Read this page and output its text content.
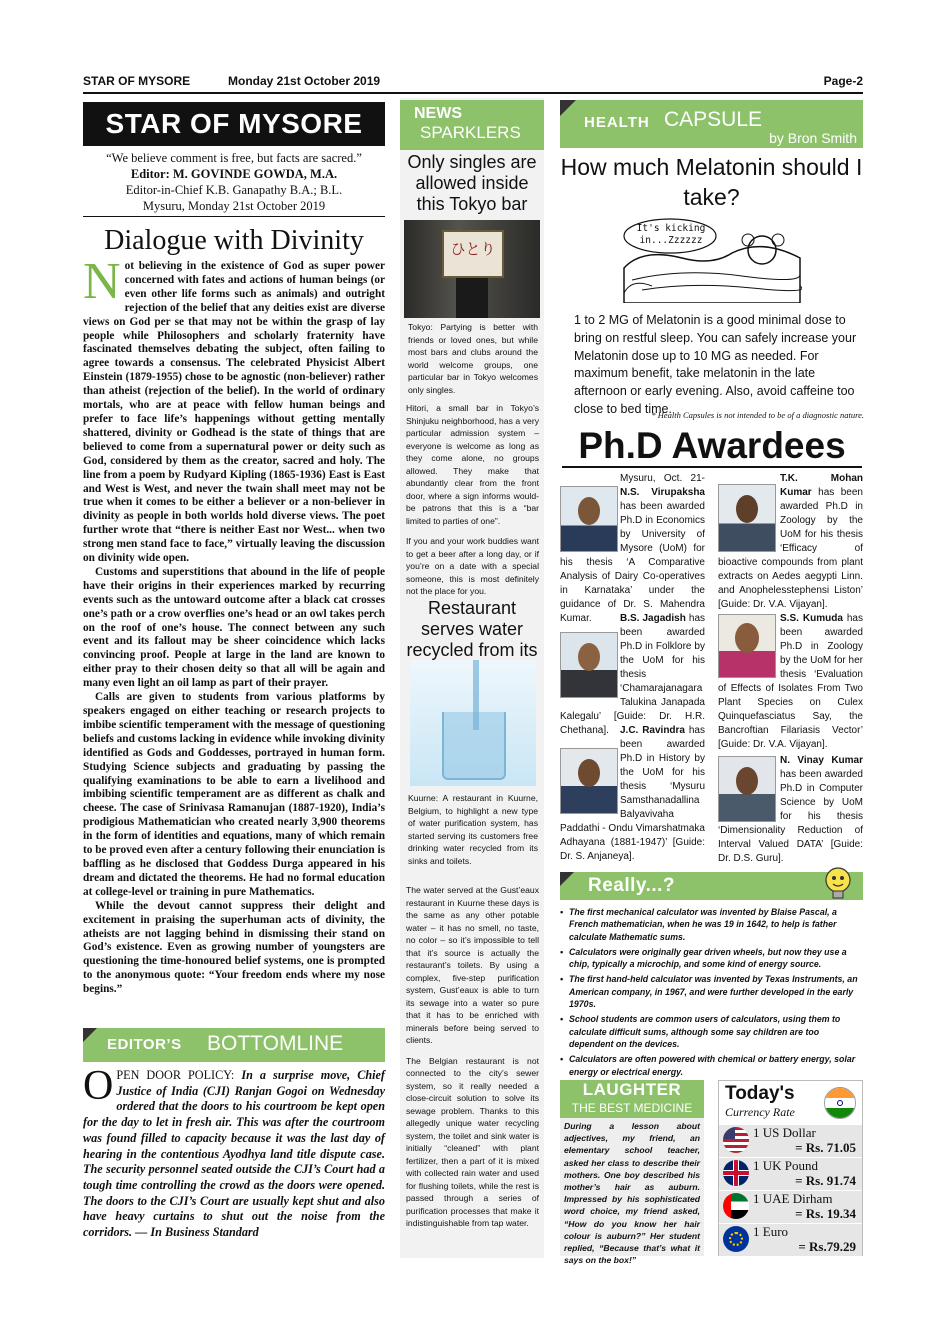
STAR OF MYSORE	Monday 21st October 2019	Page-2
STAR OF MYSORE
“We believe comment is free, but facts are sacred.”
Editor: M. GOVINDE GOWDA, M.A.
Editor-in-Chief K.B. Ganapathy B.A.; B.L.
Mysuru, Monday 21st October 2019
Dialogue with Divinity

Not believing in the existence of God as super power concerned with fates and actions of human beings (or even other life forms such as animals) and outright rejection of the belief that any deities exist are diverse views on God per se that may not be within the grasp of lay people while Philosophers and scholarly fraternity have fascinated themselves debating the subject, often failing to agree towards a consensus. The celebrated Physicist Albert Einstein (1879-1955) chose to be agnostic (non-believer) rather than atheist (rejection of the belief). In the world of ordinary mortals, who are at peace with fellow human beings and prefer to face life’s happenings without getting mentally shattered, divinity or Godhead is the state of things that are believed to come from a supernatural power or deity such as God, considered by them as the creator, sacred and holy. The line from a poem by Rudyard Kipling (1865-1936) East is East and West is West, and never the twain shall meet may not be true when it comes to be either a believer or a non-believer in divinity as people in both worlds hold diverse views. The poet further wrote that “there is neither East nor West... when two strong men stand face to face,” virtually leaving the discussion on divinity wide open.

Customs and superstitions that abound in the life of people have their origins in their experiences marked by recurring events such as the untoward outcome after a black cat crosses one’s path or a crow overflies one’s head or an owl takes perch on the roof of one’s house. The connect between any such event and its fallout may be sheer coincidence which lacks convincing proof. People at large in the land are known to either pray to their chosen deity so that all will be again and many even light an oil lamp as part of their prayer.

Calls are given to students from various platforms by speakers engaged on either teaching or research projects to imbibe scientific temperament with the message of questioning beliefs and customs lacking in evidence while invoking divinity identified as Gods and Goddesses, portrayed in human form. Studying Science subjects and graduating by passing the qualifying examinations to be able to earn a livelihood and imbibing scientific temperament are as different as chalk and cheese. The case of Srinivasa Ramanujan (1887-1920), India’s prodigious Mathematician who created nearly 3,900 theorems in the form of identities and equations, many of which remain to be proved even after a century following their enunciation is baffling as he disclosed that Goddess Durga appeared in his dream and dictated the theorems. He had no formal education at college-level or training in pure Mathematics.

While the devout cannot suppress their delight and excitement in praising the superhuman acts of divinity, the atheists are not lagging behind in dismissing their stand on God’s existence. Even as growing number of youngsters are questioning the time-honoured belief systems, one is prompted to the anonymous quote: “Your freedom ends where my nose begins.”

EDITOR’S BOTTOMLINE
OPEN DOOR POLICY: In a surprise move, Chief Justice of India (CJI) Ranjan Gogoi on Wednesday ordered that the doors to his courtroom be kept open for the day to let in fresh air. This was after the courtroom was found filled to capacity because it was the last day of hearing in the contentious Ayodhya land title dispute case. The security personnel seated outside the CJI’s Court had a tough time controlling the crowd as the doors were opened. The doors to the CJI’s Court are usually kept shut and also have heavy curtains to shut out the noise from the corridors. — In Business Standard
NEWS
SPARKLERS
Only singles are allowed inside this Tokyo bar
ひとり
Tokyo: Partying is better with friends or loved ones, but while most bars and clubs around the world welcome groups, one particular bar in Tokyo welcomes only singles.

Hitori, a small bar in Tokyo’s Shinjuku neighborhood, has a very particular admission system – everyone is welcome as long as they come alone, no groups allowed. They make that abundantly clear from the front door, where a sign informs would-be patrons that this is a “bar limited to parties of one”.

If you and your work buddies want to get a beer after a long day, or if you’re on a date with a special someone, this is most definitely not the place for you.

Restaurant serves water recycled from its
Kuurne: A restaurant in Kuurne, Belgium, to highlight a new type of water purification system, has started serving its customers free drinking water recycled from its sinks and toilets.

The water served at the Gust’eaux restaurant in Kuurne these days is the same as any other potable water – it has no smell, no taste, no color – so it’s impossible to tell that it’s source is actually the restaurant’s toilets. By using a complex, five-step purification system, Gust’eaux is able to turn its sewage into a water so pure that it has to be enriched with minerals before being served to clients.

The Belgian restaurant is not connected to the city’s sewer system, so it really needed a close-circuit solution to solve its sewage problem. Thanks to this allegedly unique water recycling system, the toilet and sink water is initially “cleaned” with plant fertilizer, then a part of it is mixed with collected rain water and used for flushing toilets, while the rest is passed through a series of purification processes that make it indistinguishable from tap water.

HEALTH CAPSULE
by Bron Smith
How much Melatonin should I take?
It's kicking in...Zzzzzz
1 to 2 MG of Melatonin is a good minimal dose to bring on restful sleep. You can safely increase your Melatonin dose up to 10 MG as needed. For maximum benefit, take melatonin in the late afternoon or early evening. Also, avoid caffeine too close to bed time.
* Health Capsules is not intended to be of a diagnostic nature.
Ph.D Awardees
Mysuru, Oct. 21- N.S. Virupaksha has been awarded Ph.D in Economics by University of Mysore (UoM) for his thesis ‘A Comparative Analysis of Dairy Co-operatives in Karnataka’ under the guidance of Dr. S. Mahendra Kumar.	B.S. Jagadish has been awarded Ph.D in Folklore by the UoM for his thesis ‘Chamarajanagara Talukina Janapada Kalegalu’ [Guide: Dr. H.R. Chethana].	J.C. Ravindra has been awarded Ph.D in History by the UoM for his thesis ‘Mysuru Samsthanadallina Balyavivaha Paddathi - Ondu Vimarshatmaka Adhayana (1881-1947)’ [Guide: Dr. S. Anjaneya].
T.K. Mohan Kumar has been awarded Ph.D in Zoology by the UoM for his thesis ‘Efficacy of bioactive compounds from plant extracts on Aedes aegypti Linn. and Anophelesstephensi Liston’ [Guide: Dr. V.A. Vijayan].
S.S. Kumuda has been awarded Ph.D in Zoology by the UoM for her thesis ‘Evaluation of Effects of Isolates From Two Plant Species on Culex Quinquefasciatus Say, the Bancroftian Filariasis Vector’ [Guide: Dr. V.A. Vijayan].
N. Vinay Kumar has been awarded Ph.D in Computer Science by UoM for his thesis ‘Dimensionality Reduction of Interval Valued DATA’ [Guide: Dr. D.S. Guru].
Really...?
• The first mechanical calculator was invented by Blaise Pascal, a French mathematician, when he was 19 in 1642, to help is father calculate Mathematic sums.
• Calculators were originally gear driven wheels, but now they use a chip, typically a microchip, and some kind of energy source.
• The first hand-held calculator was invented by Texas Instruments, an American company, in 1967, and were further developed in the early 1970s.
• School students are common users of calculators, using them to calculate difficult sums, although some say children are too dependent on the devices.
• Calculators are often powered with chemical or battery energy, solar energy or electrical energy.
LAUGHTER
THE BEST MEDICINE
During a lesson about adjectives, my friend, an elementary school teacher, asked her class to describe their mothers. One boy described his mother’s hair as auburn. Impressed by his sophisticated word choice, my friend asked, “How do you know her hair colour is auburn?” Her student replied, “Because that’s what it says on the box!”
Today's
Currency Rate
1 US Dollar
= Rs. 71.05
1 UK Pound
= Rs. 91.74
1 UAE Dirham
= Rs. 19.34
1 Euro
= Rs.79.29
